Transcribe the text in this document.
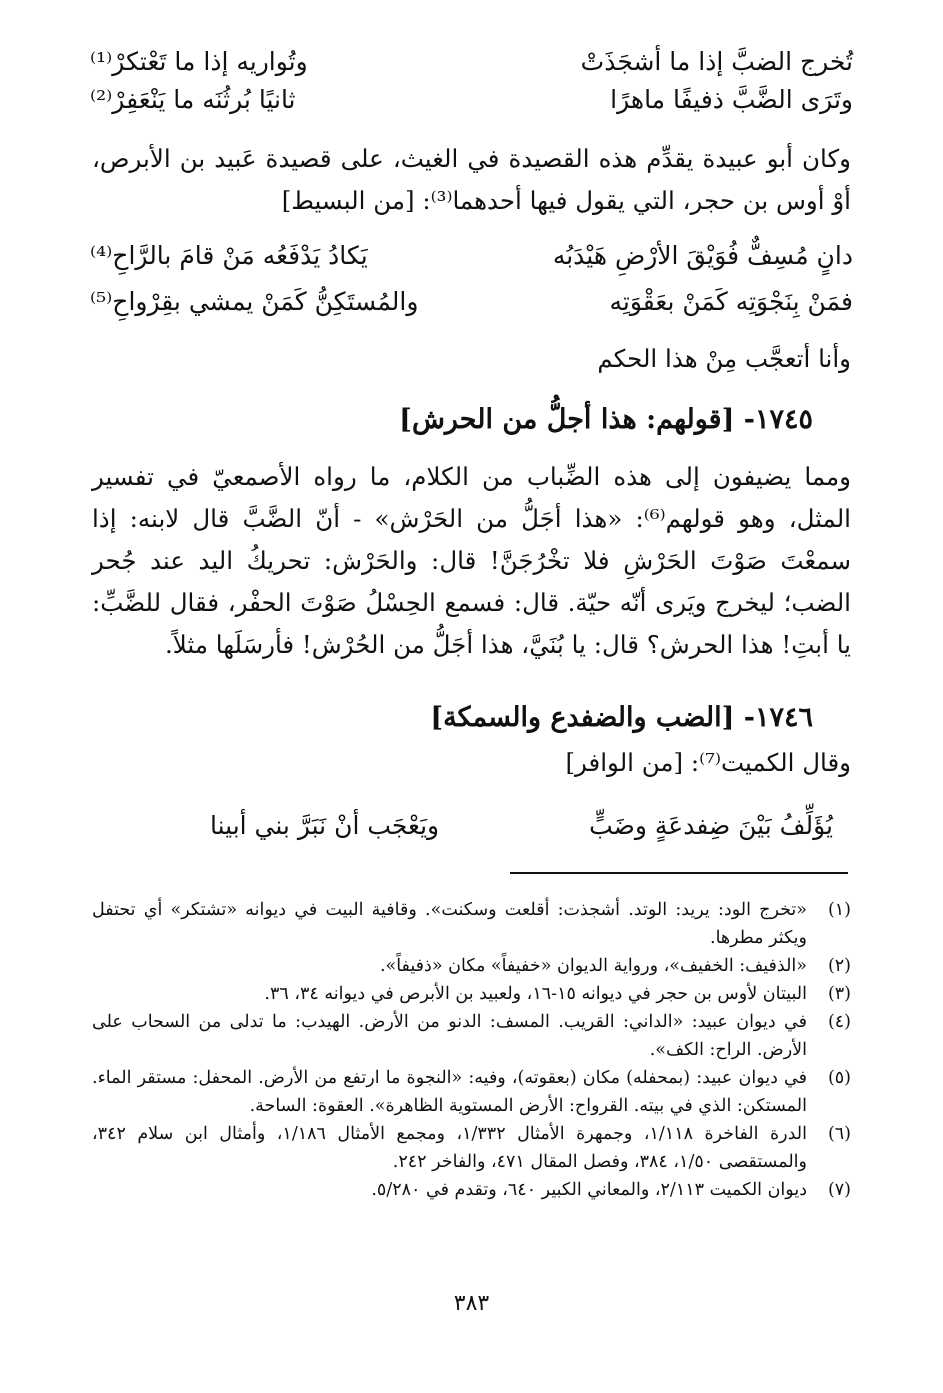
تُخرج الضبَّ إذا ما أشجَذَتْ
وتُواريه إذا ما تَعْتكرْ⁽¹⁾
وتَرَى الضَّبَّ ذفيفًا ماهرًا
ثانيًا بُرثُنَه ما يَنْعَفِرْ⁽²⁾

وكان أبو عبيدة يقدِّم هذه القصيدة في الغيث، على قصيدة عَبيد بن الأبرص، أوْ أوس بن حجر، التي يقول فيها أحدهما⁽³⁾: [من البسيط]

دانٍ مُسِفٌّ فُوَيْقَ الأرْضِ هَيْدَبُه
يَكادُ يَدْفَعُه مَنْ قامَ بالرَّاحِ⁽⁴⁾
فمَنْ بِنَجْوَتِه كَمَنْ بعَقْوَتِه
والمُستَكِنُّ كَمَنْ يمشي بقِرْواحِ⁽⁵⁾

وأنا أتعجَّب مِنْ هذا الحكم

١٧٤٥- [قولهم: هذا أجلُّ من الحرش]

ومما يضيفون إلى هذه الضِّباب من الكلام، ما رواه الأصمعيّ في تفسير المثل، وهو قولهم⁽⁶⁾: «هذا أجَلُّ من الحَرْش» - أنّ الضَّبَّ قال لابنه: إذا سمعْتَ صَوْتَ الحَرْشِ فلا تخْرُجَنَّ! قال: والحَرْش: تحريكُ اليد عند جُحر الضب؛ ليخرج ويَرى أنّه حيّة. قال: فسمع الحِسْلُ صَوْتَ الحفْر، فقال للضَّبِّ: يا أبتِ! هذا الحرش؟ قال: يا بُنَيَّ، هذا أجَلُّ من الحُرْش! فأرسَلَها مثلاً.

١٧٤٦- [الضب والضفدع والسمكة]

وقال الكميت⁽⁷⁾: [من الوافر]

يُؤَلِّفُ بَيْنَ ضِفدعَةٍ وضَبٍّ
ويَعْجَب أنْ نَبَرَّ بني أبينا
(١)
«تخرج الود: يريد: الوتد. أشجذت: أقلعت وسكنت». وقافية البيت في ديوانه «تشتكر» أي تحتفل ويكثر مطرها.
(٢)
«الذفيف: الخفيف»، ورواية الديوان «خفيفاً» مكان «ذفيفاً».
(٣)
البيتان لأوس بن حجر في ديوانه ١٥-١٦، ولعبيد بن الأبرص في ديوانه ٣٤، ٣٦.
(٤)
في ديوان عبيد: «الداني: القريب. المسف: الدنو من الأرض. الهيدب: ما تدلى من السحاب على الأرض. الراح: الكف».
(٥)
في ديوان عبيد: (بمحفله) مكان (بعقوته)، وفيه: «النجوة ما ارتفع من الأرض. المحفل: مستقر الماء. المستكن: الذي في بيته. القرواح: الأرض المستوية الظاهرة». العقوة: الساحة.
(٦)
الدرة الفاخرة ١/١١٨، وجمهرة الأمثال ١/٣٣٢، ومجمع الأمثال ١/١٨٦، وأمثال ابن سلام ٣٤٢، والمستقصى ١/٥٠، ٣٨٤، وفصل المقال ٤٧١، والفاخر ٢٤٢.
(٧)
ديوان الكميت ٢/١١٣، والمعاني الكبير ٦٤٠، وتقدم في ٥/٢٨٠.
٣٨٣
